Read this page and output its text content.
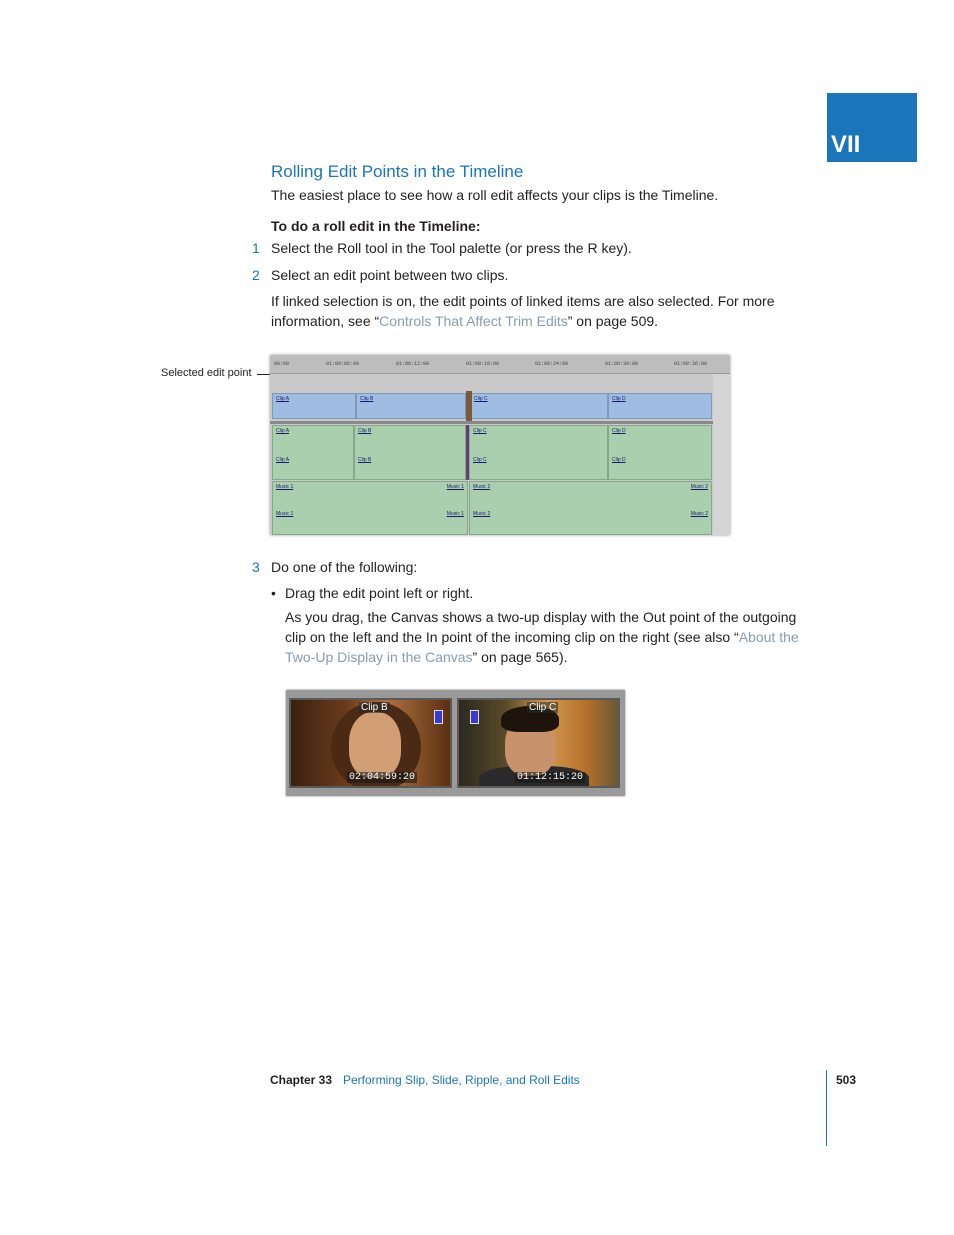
VII
Rolling Edit Points in the Timeline
The easiest place to see how a roll edit affects your clips is the Timeline.
To do a roll edit in the Timeline:
1 Select the Roll tool in the Tool palette (or press the R key).
2 Select an edit point between two clips.
If linked selection is on, the edit points of linked items are also selected. For more information, see “Controls That Affect Trim Edits” on page 509.
Selected edit point
00:00	01:00:06:00	01:00:12:00	01:00:18:00	01:00:24:00	01:00:30:00	01:00:36:00
Clip A	Clip B	Clip C	Clip D
Clip A
Clip A
Clip B
Clip B
Clip C
Clip C
Clip D
Clip D
Music 1	Music 1
Music 1	Music 1
Music 2	Music 2
Music 2	Music 2
3 Do one of the following:
• Drag the edit point left or right.
As you drag, the Canvas shows a two-up display with the Out point of the outgoing
clip on the left and the In point of the incoming clip on the right (see also “About the
Two-Up Display in the Canvas” on page 565).
Clip B
02:04:59:20
Clip C
01:12:15:20
Chapter 33 Performing Slip, Slide, Ripple, and Roll Edits	503
